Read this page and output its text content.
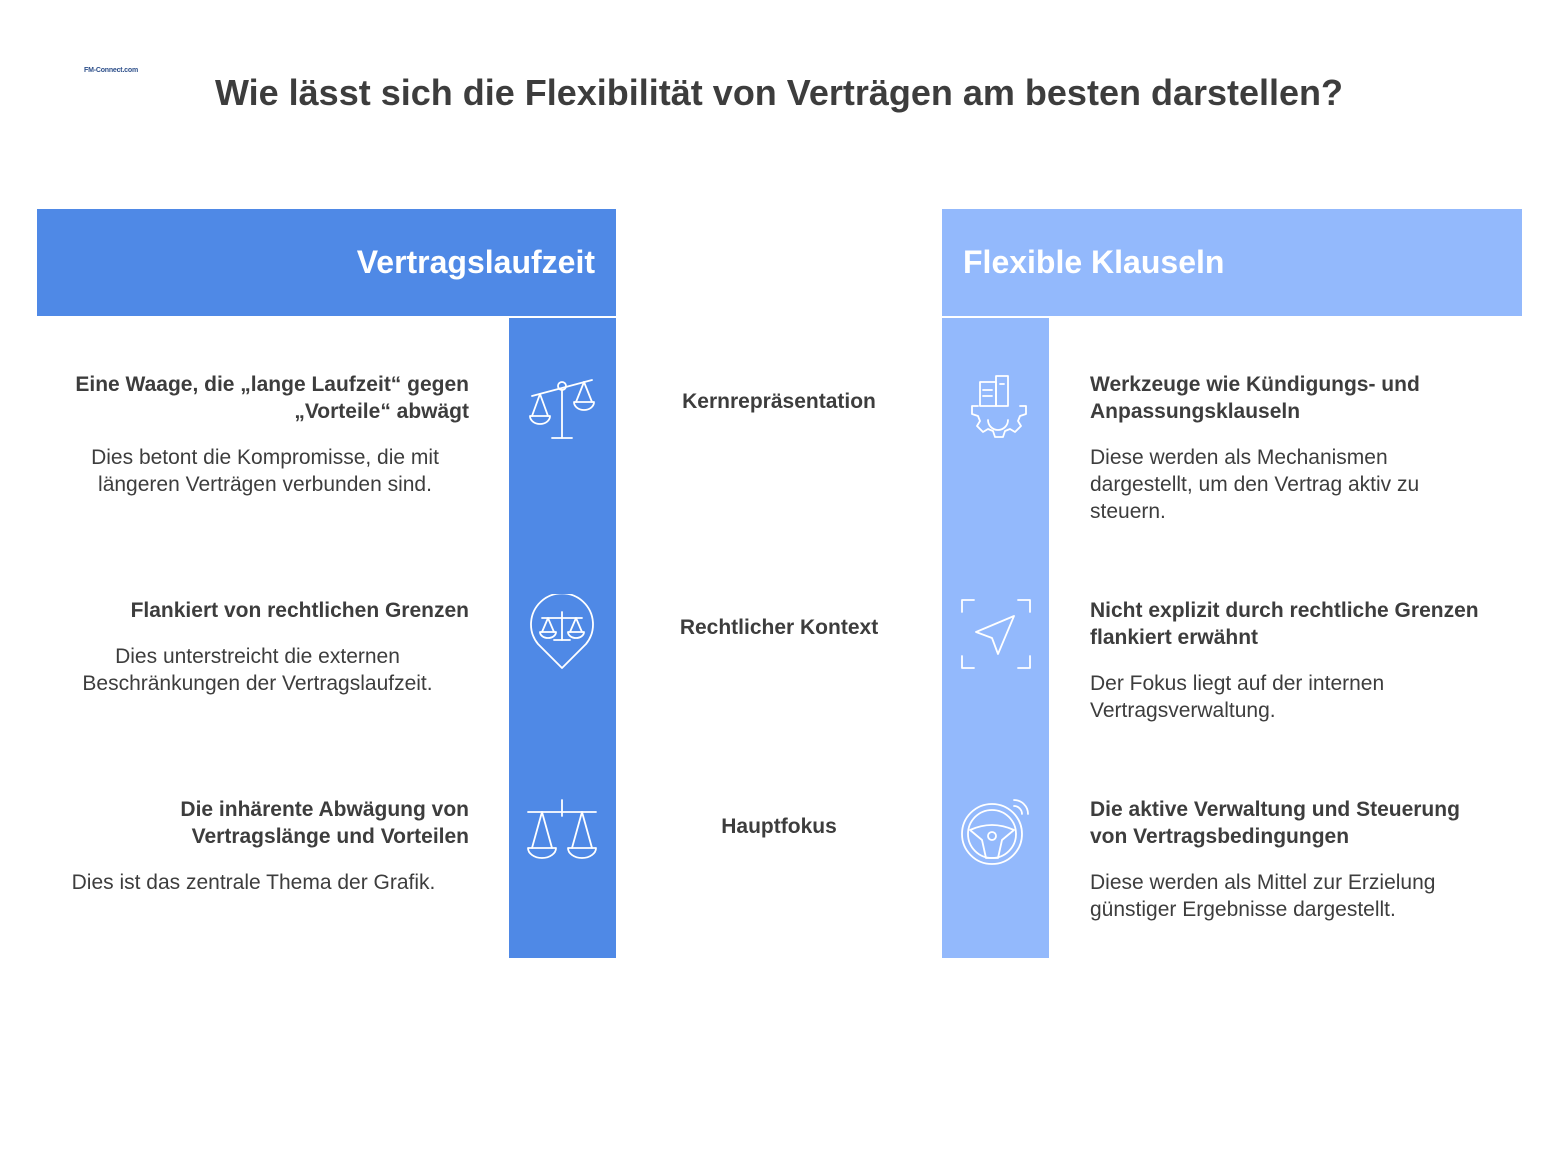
FM-Connect.com
Wie lässt sich die Flexibilität von Verträgen am besten darstellen?
Vertragslaufzeit	Flexible Klauseln
Eine Waage, die „lange Laufzeit“ gegen
„Vorteile“ abwägt
Dies betont die Kompromisse, die mit
längeren Verträgen verbunden sind.
Kernrepräsentation
Werkzeuge wie Kündigungs- und
Anpassungsklauseln
Diese werden als Mechanismen
dargestellt, um den Vertrag aktiv zu
steuern.
Flankiert von rechtlichen Grenzen
Dies unterstreicht die externen
Beschränkungen der Vertragslaufzeit.
Rechtlicher Kontext
Nicht explizit durch rechtliche Grenzen
flankiert erwähnt
Der Fokus liegt auf der internen
Vertragsverwaltung.
Die inhärente Abwägung von
Vertragslänge und Vorteilen
Dies ist das zentrale Thema der Grafik.
Hauptfokus
Die aktive Verwaltung und Steuerung
von Vertragsbedingungen
Diese werden als Mittel zur Erzielung
günstiger Ergebnisse dargestellt.
